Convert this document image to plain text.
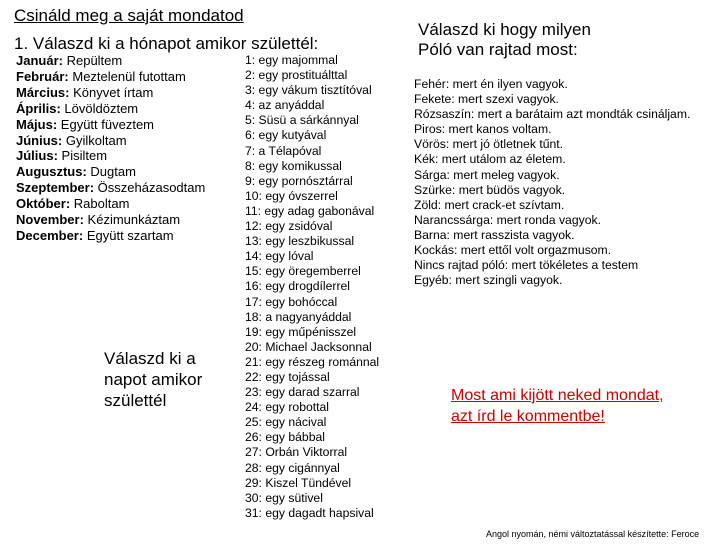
Csináld meg a saját mondatod
1. Válaszd ki a hónapot amikor születtél:
Január: Repültem
Február: Meztelenül futottam
Március: Könyvet írtam
Április: Lövöldöztem
Május: Együtt füveztem
Június: Gyilkoltam
Július: Pisiltem
Augusztus: Dugtam
Szeptember: Összeházasodtam
Október: Raboltam
November: Kézimunkáztam
December: Együtt szartam
1: egy majommal
2: egy prostituálttal
3: egy vákum tisztítóval
4: az anyáddal
5: Süsü a sárkánnyal
6: egy kutyával
7: a Télapóval
8: egy komikussal
9: egy pornósztárral
10: egy óvszerrel
11: egy adag gabonával
12: egy zsidóval
13: egy leszbikussal
14: egy lóval
15: egy öregemberrel
16: egy drogdílerrel
17: egy bohóccal
18: a nagyanyáddal
19: egy műpénisszel
20: Michael Jacksonnal
21: egy részeg románnal
22: egy tojással
23: egy darad szarral
24: egy robottal
25: egy nácival
26: egy bábbal
27: Orbán Viktorral
28: egy cigánnyal
29: Kiszel Tündével
30: egy sütivel
31: egy dagadt hapsival
Válaszd ki hogy milyen
Póló van rajtad most:
Fehér: mert én ilyen vagyok.
Fekete: mert szexi vagyok.
Rózsaszín: mert a barátaim azt mondták csináljam.
Piros: mert kanos voltam.
Vörös: mert jó ötletnek tűnt.
Kék: mert utálom az életem.
Sárga: mert meleg vagyok.
Szürke: mert büdös vagyok.
Zöld: mert crack-et szívtam.
Narancssárga: mert ronda vagyok.
Barna: mert rasszista vagyok.
Kockás: mert ettől volt orgazmusom.
Nincs rajtad póló: mert tökéletes a testem
Egyéb: mert szingli vagyok.
Válaszd ki a
napot amikor
születtél	Most ami kijött neked mondat,
azt írd le kommentbe!
Angol nyomán, némi változtatással készítette: Feroce
